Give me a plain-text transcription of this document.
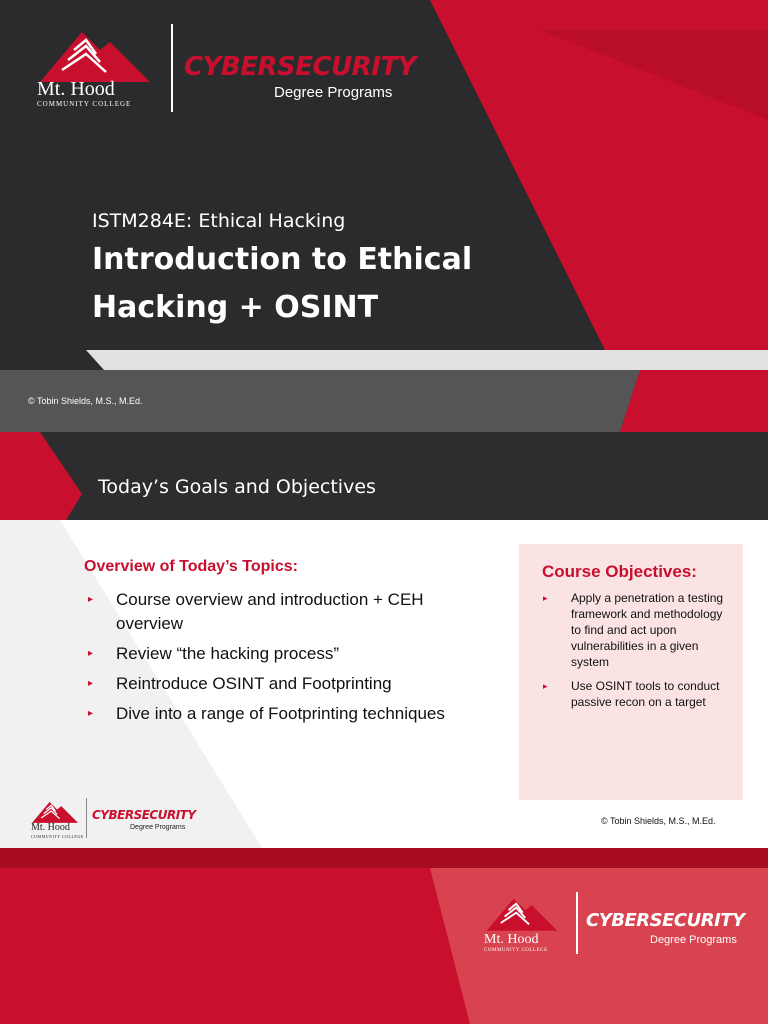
Mt. Hood
COMMUNITY COLLEGE
CYBERSECURITY
Degree Programs
ISTM284E: Ethical Hacking
Introduction to Ethical
Hacking + OSINT
© Tobin Shields, M.S., M.Ed.
Today’s Goals and Objectives
Overview of Today’s Topics:
▸ Course overview and introduction + CEH overview
▸ Review “the hacking process”
▸ Reintroduce OSINT and Footprinting
▸ Dive into a range of Footprinting techniques
Course Objectives:
▸ Apply a penetration a testing framework and methodology to find and act upon vulnerabilities in a given system
▸ Use OSINT tools to conduct passive recon on a target
Mt. Hood
COMMUNITY COLLEGE
CYBERSECURITY
Degree Programs
© Tobin Shields, M.S., M.Ed.
Mt. Hood
COMMUNITY COLLEGE
CYBERSECURITY
Degree Programs
